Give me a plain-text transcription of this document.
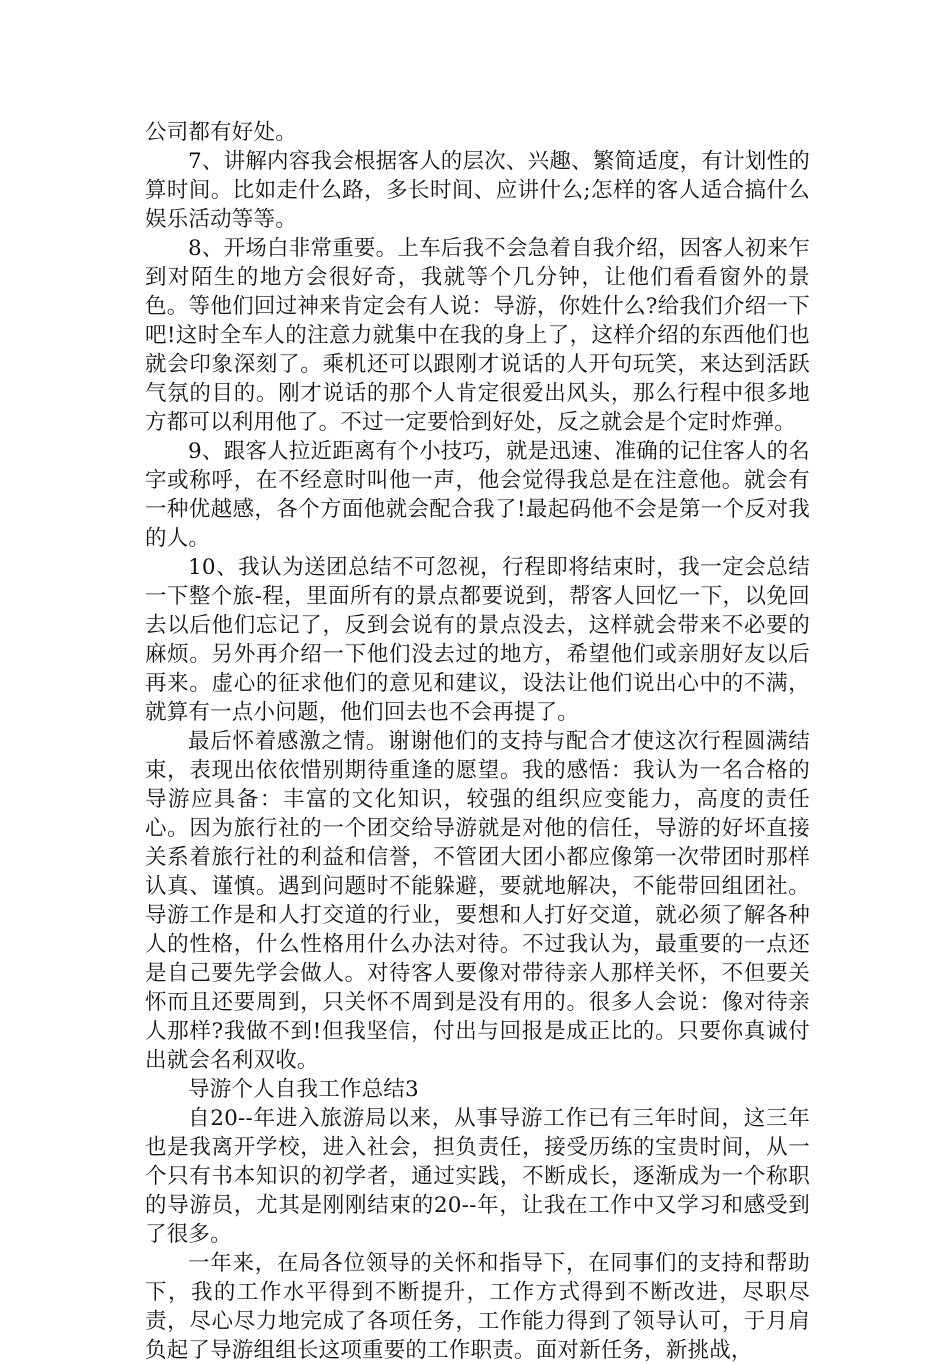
公司都有好处。

7、讲解内容我会根据客人的层次、兴趣、繁简适度，有计划性的算时间。比如走什么路，多长时间、应讲什么;怎样的客人适合搞什么娱乐活动等等。

8、开场白非常重要。上车后我不会急着自我介绍，因客人初来乍到对陌生的地方会很好奇，我就等个几分钟，让他们看看窗外的景色。等他们回过神来肯定会有人说：导游，你姓什么?给我们介绍一下吧!这时全车人的注意力就集中在我的身上了，这样介绍的东西他们也就会印象深刻了。乘机还可以跟刚才说话的人开句玩笑，来达到活跃气氛的目的。刚才说话的那个人肯定很爱出风头，那么行程中很多地方都可以利用他了。不过一定要恰到好处，反之就会是个定时炸弹。

9、跟客人拉近距离有个小技巧，就是迅速、准确的记住客人的名字或称呼，在不经意时叫他一声，他会觉得我总是在注意他。就会有一种优越感，各个方面他就会配合我了!最起码他不会是第一个反对我的人。

10、我认为送团总结不可忽视，行程即将结束时，我一定会总结一下整个旅-程，里面所有的景点都要说到，帮客人回忆一下，以免回去以后他们忘记了，反到会说有的景点没去，这样就会带来不必要的麻烦。另外再介绍一下他们没去过的地方，希望他们或亲朋好友以后再来。虚心的征求他们的意见和建议，设法让他们说出心中的不满，就算有一点小问题，他们回去也不会再提了。

最后怀着感激之情。谢谢他们的支持与配合才使这次行程圆满结束，表现出依依惜别期待重逢的愿望。我的感悟：我认为一名合格的导游应具备：丰富的文化知识，较强的组织应变能力，高度的责任心。因为旅行社的一个团交给导游就是对他的信任，导游的好坏直接关系着旅行社的利益和信誉，不管团大团小都应像第一次带团时那样认真、谨慎。遇到问题时不能躲避，要就地解决，不能带回组团社。导游工作是和人打交道的行业，要想和人打好交道，就必须了解各种人的性格，什么性格用什么办法对待。不过我认为，最重要的一点还是自己要先学会做人。对待客人要像对带待亲人那样关怀，不但要关怀而且还要周到，只关怀不周到是没有用的。很多人会说：像对待亲人那样?我做不到!但我坚信，付出与回报是成正比的。只要你真诚付出就会名利双收。

导游个人自我工作总结3

自20--年进入旅游局以来，从事导游工作已有三年时间，这三年也是我离开学校，进入社会，担负责任，接受历练的宝贵时间，从一个只有书本知识的初学者，通过实践，不断成长，逐渐成为一个称职的导游员，尤其是刚刚结束的20--年，让我在工作中又学习和感受到了很多。

一年来，在局各位领导的关怀和指导下，在同事们的支持和帮助下，我的工作水平得到不断提升，工作方式得到不断改进，尽职尽责，尽心尽力地完成了各项任务，工作能力得到了领导认可，于月肩负起了导游组组长这项重要的工作职责。面对新任务，新挑战，
